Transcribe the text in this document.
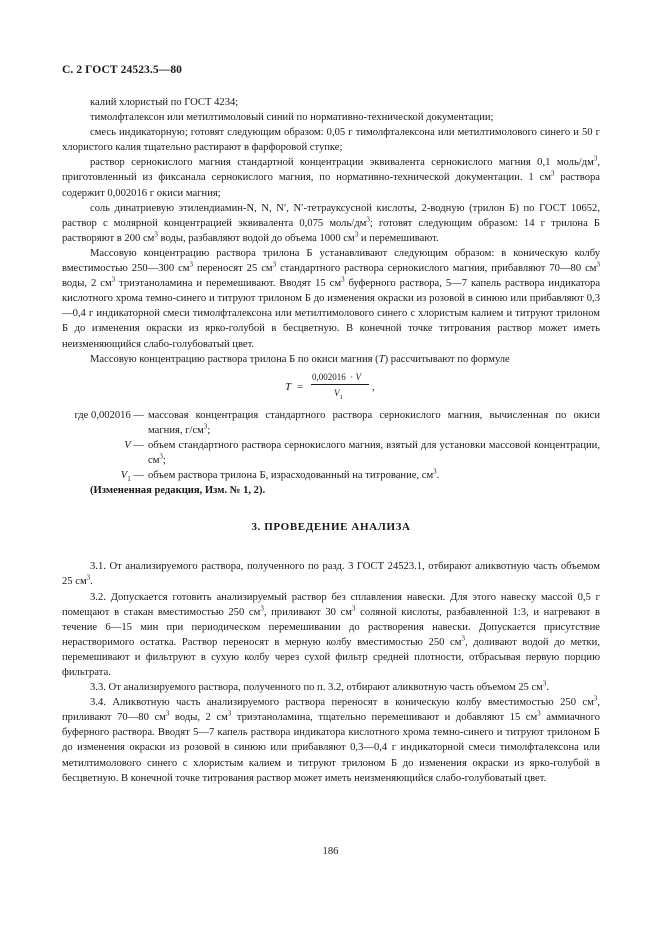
С. 2 ГОСТ 24523.5—80

калий хлористый по ГОСТ 4234;

тимолфталексон или метилтимоловый синий по нормативно-технической документации;

смесь индикаторную; готовят следующим образом: 0,05 г тимолфталексона или метилтимолового синего и 50 г хлористого калия тщательно растирают в фарфоровой ступке;

раствор сернокислого магния стандартной концентрации эквивалента сернокислого магния 0,1 моль/$дм^3$, приготовленный из фиксанала сернокислого магния, по нормативно-технической документации. 1 $см^3$ раствора содержит 0,002016 г окиси магния;

соль динатриевую этилендиамин-N, N, N′, N′-тетрауксусной кислоты, 2-водную (трилон Б) по ГОСТ 10652, раствор с молярной концентрацией эквивалента 0,075 моль/$дм^3$; готовят следующим образом: 14 г трилона Б растворяют в 200 $см^3$ воды, разбавляют водой до объема 1000 $см^3$ и перемешивают.

Массовую концентрацию раствора трилона Б устанавливают следующим образом: в коническую колбу вместимостью 250—300 $см^3$ переносят 25 $см^3$ стандартного раствора сернокислого магния, прибавляют 70—80 $см^3$ воды, 2 $см^3$ триэтаноламина и перемешивают. Вводят 15 $см^3$ буферного раствора, 5—7 капель раствора индикатора кислотного хрома темно-синего и титруют трилоном Б до изменения окраски из розовой в синюю или прибавляют 0,3—0,4 г индикаторной смеси тимолфталексона или метилтимолового синего с хлористым калием и титруют трилоном Б до изменения окраски из ярко-голубой в бесцветную. В конечной точке титрования раствор может иметь неизменяющийся слабо-голубоватый цвет.

Массовую концентрацию раствора трилона Б по окиси магния (T) рассчитывают по формуле

T =
0,002016 · V
$V_1$
,

где 0,002016 — массовая концентрация стандартного раствора сернокислого магния, вычисленная по окиси магния, $г/см^3$;

V — объем стандартного раствора сернокислого магния, взятый для установки массовой концентрации, $см^3$;

$V_1$ — объем раствора трилона Б, израсходованный на титрование, $см^3$.

(Измененная редакция, Изм. № 1, 2).

3. ПРОВЕДЕНИЕ АНАЛИЗА

3.1. От анализируемого раствора, полученного по разд. 3 ГОСТ 24523.1, отбирают аликвотную часть объемом 25 $см^3$.

3.2. Допускается готовить анализируемый раствор без сплавления навески. Для этого навеску массой 0,5 г помещают в стакан вместимостью 250 $см^3$, приливают 30 $см^3$ соляной кислоты, разбавленной 1:3, и нагревают в течение 6—15 мин при периодическом перемешивании до растворения навески. Допускается присутствие нерастворимого остатка. Раствор переносят в мерную колбу вместимостью 250 $см^3$, доливают водой до метки, перемешивают и фильтруют в сухую колбу через сухой фильтр средней плотности, отбрасывая первую порцию фильтрата.

3.3. От анализируемого раствора, полученного по п. 3.2, отбирают аликвотную часть объемом 25 $см^3$.

3.4. Аликвотную часть анализируемого раствора переносят в коническую колбу вместимостью 250 $см^3$, приливают 70—80 $см^3$ воды, 2 $см^3$ триэтаноламина, тщательно перемешивают и добавляют 15 $см^3$ аммиачного буферного раствора. Вводят 5—7 капель раствора индикатора кислотного хрома темно-синего и титруют трилоном Б до изменения окраски из розовой в синюю или прибавляют 0,3—0,4 г индикаторной смеси тимолфталексона или метилтимолового синего с хлористым калием и титруют трилоном Б до изменения окраски из ярко-голубой в бесцветную. В конечной точке титрования раствор может иметь неизменяющийся слабо-голубоватый цвет.

186
